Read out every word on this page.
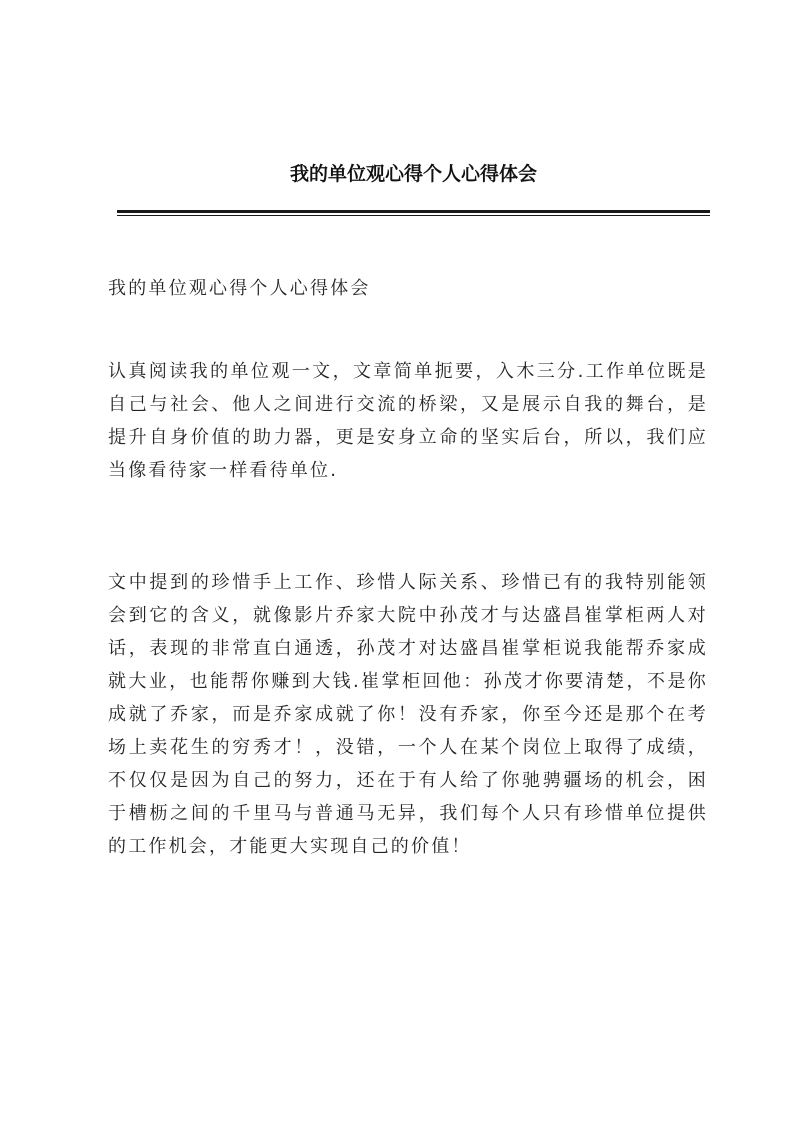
我的单位观心得个人心得体会

我的单位观心得个人心得体会

认真阅读我的单位观一文，文章简单扼要，入木三分.工作单位既是自己与社会、他人之间进行交流的桥梁，又是展示自我的舞台，是提升自身价值的助力器，更是安身立命的坚实后台，所以，我们应当像看待家一样看待单位.

文中提到的珍惜手上工作、珍惜人际关系、珍惜已有的我特别能领会到它的含义，就像影片乔家大院中孙茂才与达盛昌崔掌柜两人对话，表现的非常直白通透，孙茂才对达盛昌崔掌柜说我能帮乔家成就大业，也能帮你赚到大钱.崔掌柜回他：孙茂才你要清楚，不是你成就了乔家，而是乔家成就了你！没有乔家，你至今还是那个在考场上卖花生的穷秀才！，没错，一个人在某个岗位上取得了成绩，不仅仅是因为自己的努力，还在于有人给了你驰骋疆场的机会，困于槽枥之间的千里马与普通马无异，我们每个人只有珍惜单位提供的工作机会，才能更大实现自己的价值！
